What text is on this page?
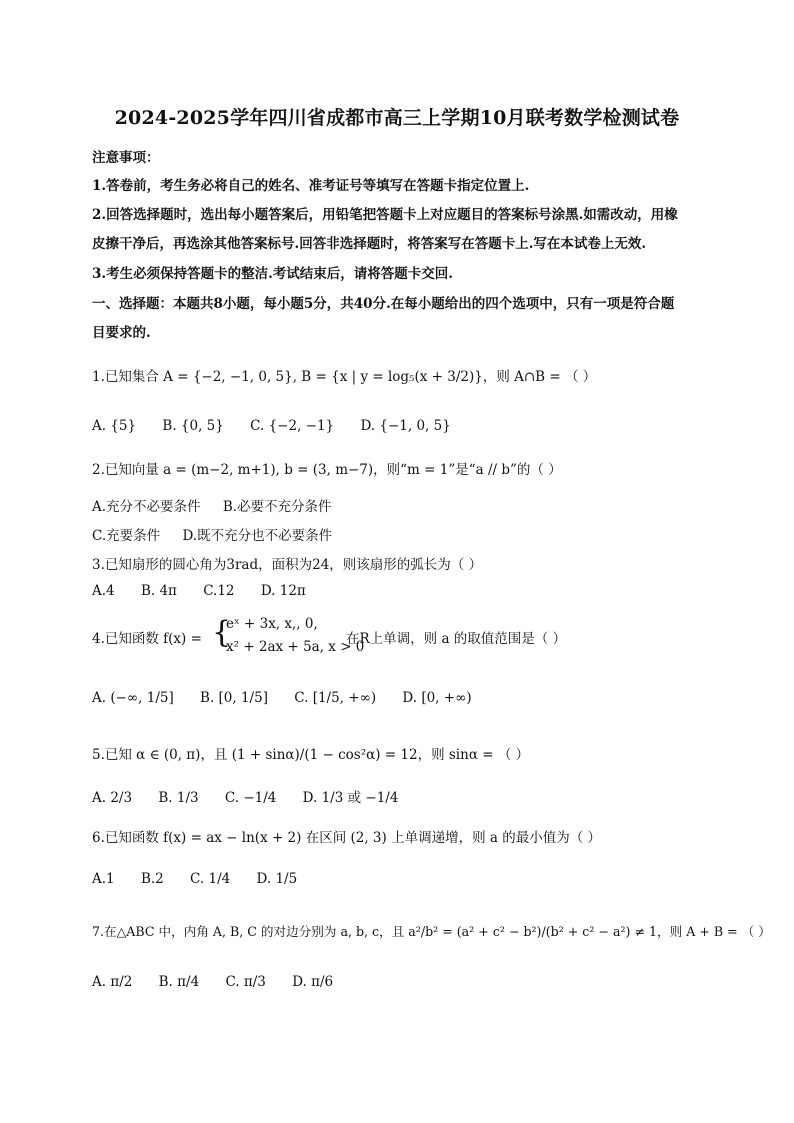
2024-2025学年四川省成都市高三上学期10月联考数学检测试卷
注意事项：
1.答卷前，考生务必将自己的姓名、准考证号等填写在答题卡指定位置上.
2.回答选择题时，选出每小题答案后，用铅笔把答题卡上对应题目的答案标号涂黑.如需改动，用橡
皮擦干净后，再选涂其他答案标号.回答非选择题时，将答案写在答题卡上.写在本试卷上无效.
3.考生必须保持答题卡的整洁.考试结束后，请将答题卡交回.
一、选择题：本题共8小题，每小题5分，共40分.在每小题给出的四个选项中，只有一项是符合题
目要求的.
1.已知集合 A = {−2, −1, 0, 5}, B = {x | y = log₅(x + 3/2)}，则 A∩B = （ ）
A. {5} B. {0, 5} C. {−2, −1} D. {−1, 0, 5}
2.已知向量 a = (m−2, m+1), b = (3, m−7)，则“m = 1”是“a // b”的（ ）
A.充分不必要条件 B.必要不充分条件
C.充要条件 D.既不充分也不必要条件
3.已知扇形的圆心角为3rad，面积为24，则该扇形的弧长为（ ）
A.4 B. 4π C.12 D. 12π
4.已知函数 f(x) = {
eˣ + 3x, x,, 0,
x² + 2ax + 5a, x > 0
在R上单调，则 a 的取值范围是（ ）
A. (−∞, 1/5] B. [0, 1/5] C. [1/5, +∞) D. [0, +∞)
5.已知 α ∈ (0, π)，且 (1 + sinα)/(1 − cos²α) = 12，则 sinα = （ ）
A. 2/3 B. 1/3 C. −1/4 D. 1/3 或 −1/4
6.已知函数 f(x) = ax − ln(x + 2) 在区间 (2, 3) 上单调递增，则 a 的最小值为（ ）
A.1 B.2 C. 1/4 D. 1/5
7.在△ABC 中，内角 A, B, C 的对边分别为 a, b, c，且 a²/b² = (a² + c² − b²)/(b² + c² − a²) ≠ 1，则 A + B = （ ）
A. π/2 B. π/4 C. π/3 D. π/6
